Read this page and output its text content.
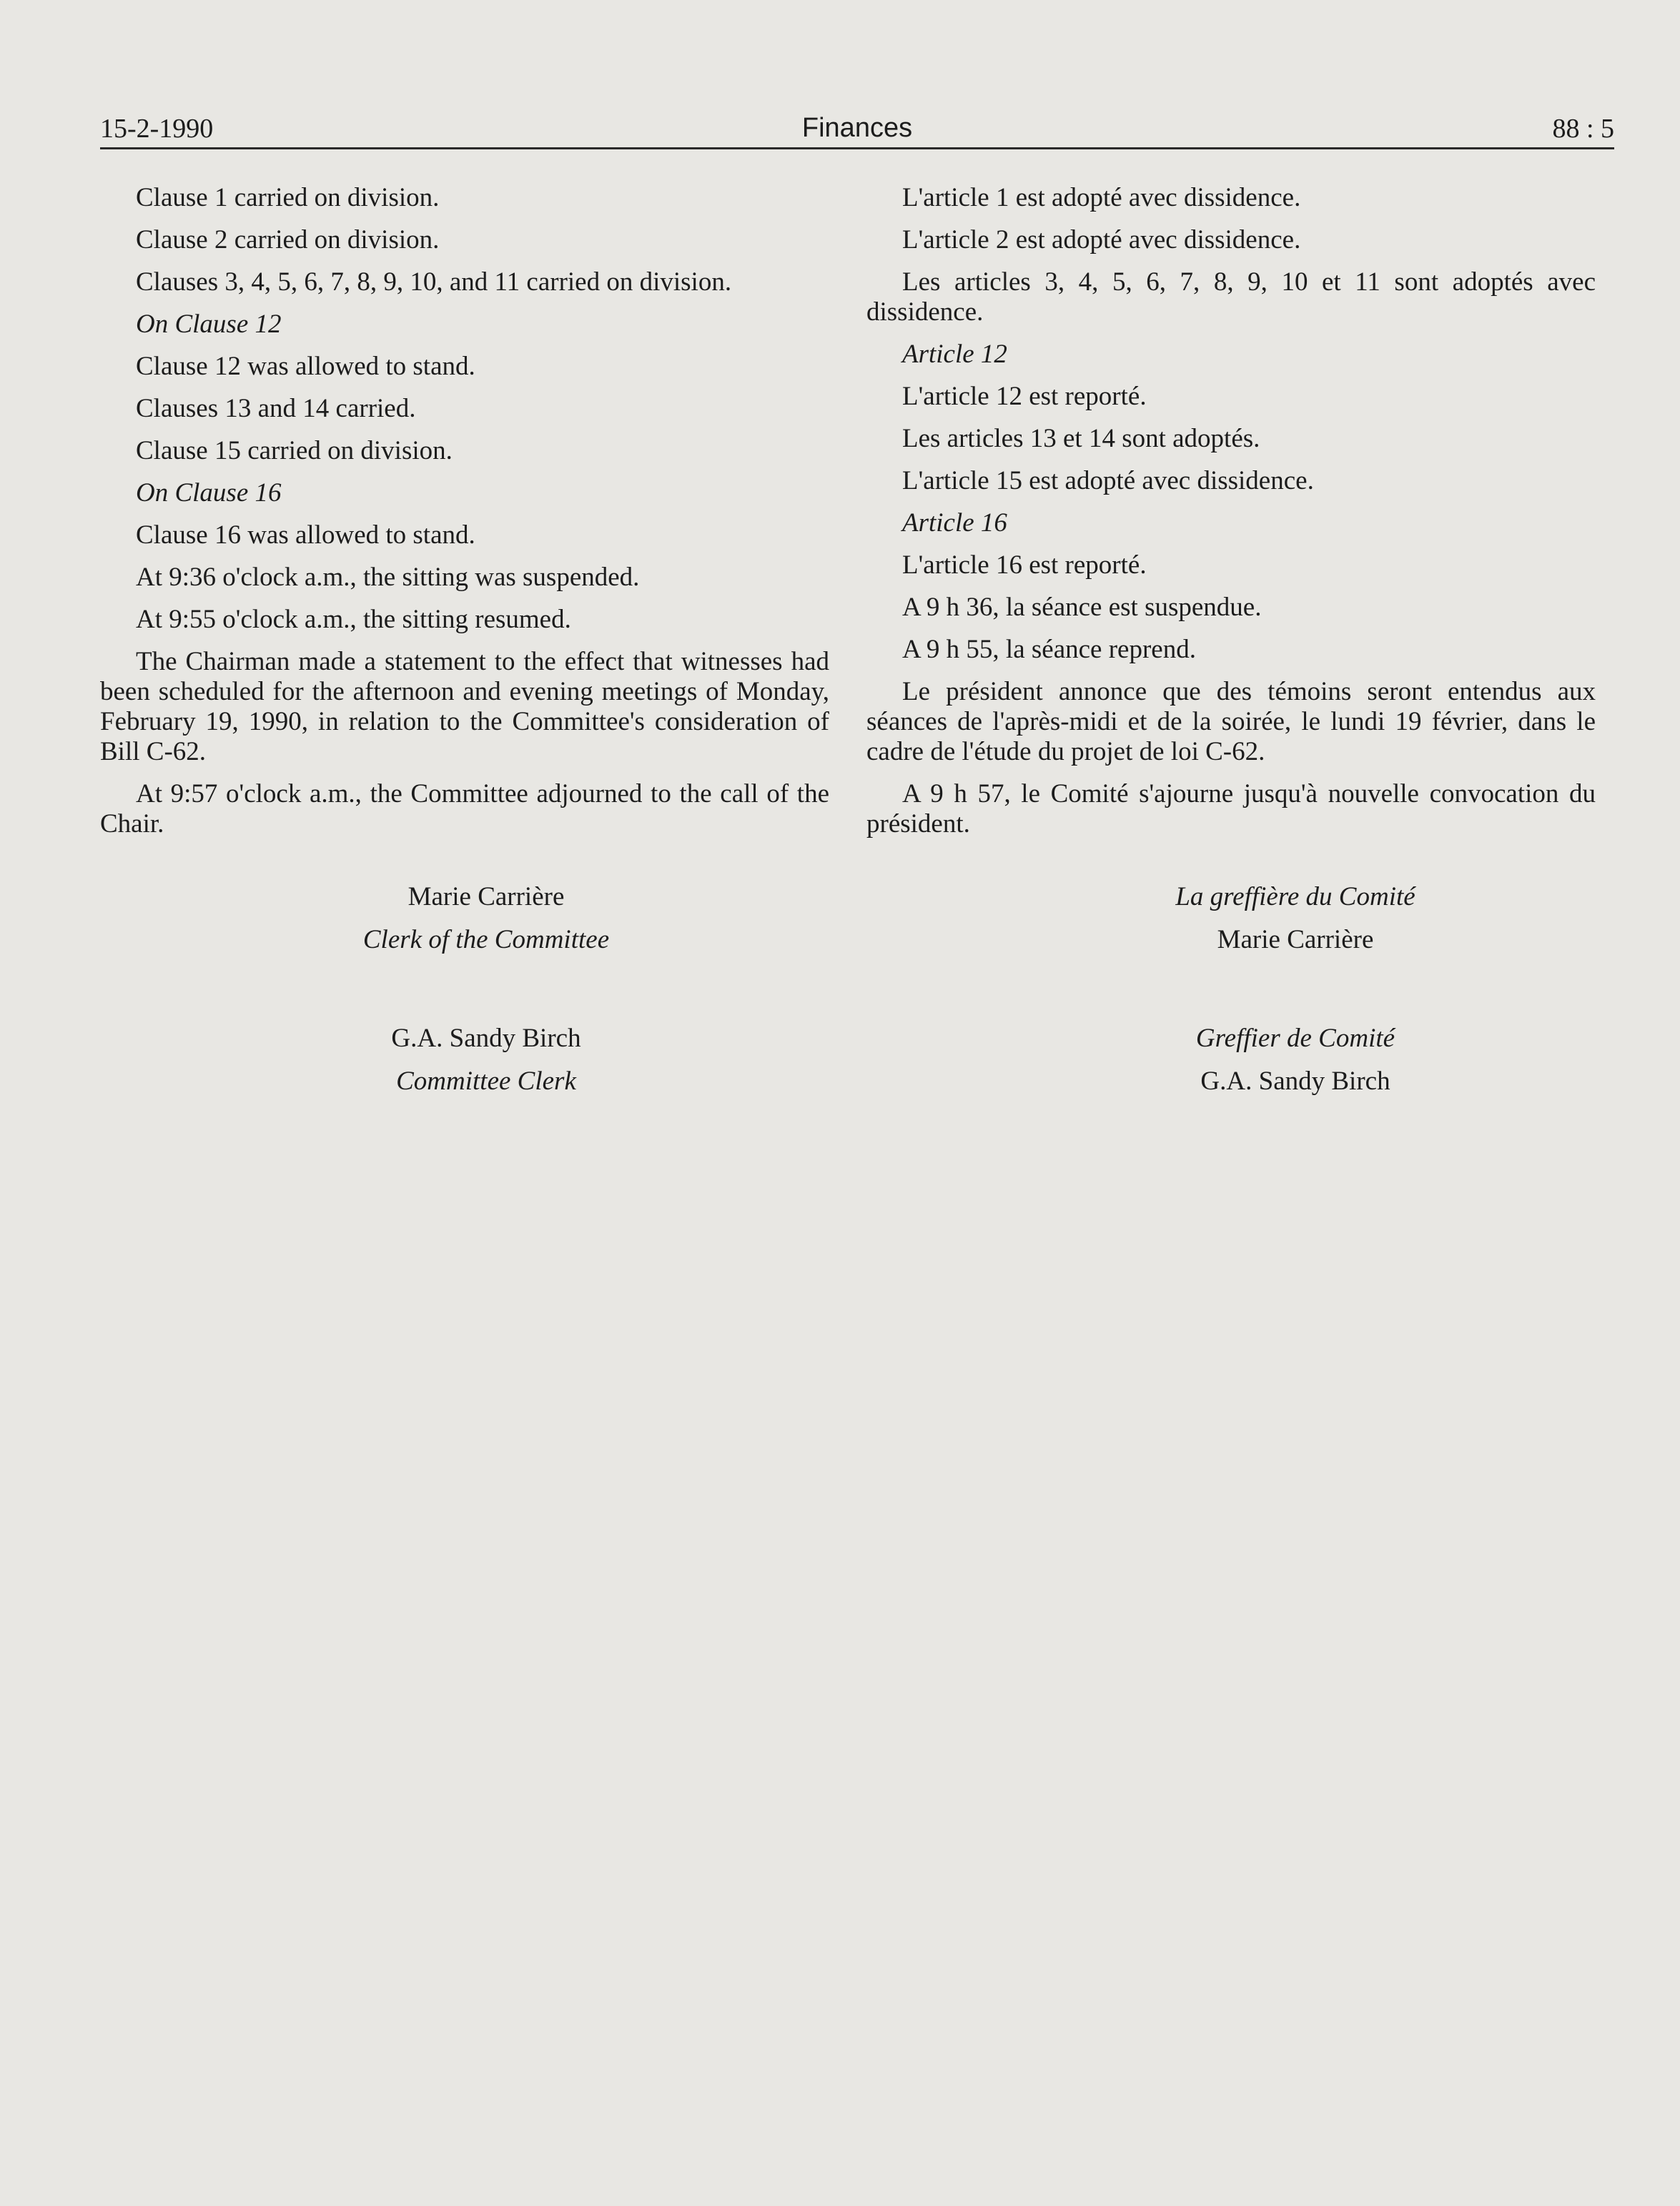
15-2-1990	Finances	88 : 5

Clause 1 carried on division.

Clause 2 carried on division.

Clauses 3, 4, 5, 6, 7, 8, 9, 10, and 11 carried on division.

On Clause 12

Clause 12 was allowed to stand.

Clauses 13 and 14 carried.

Clause 15 carried on division.

On Clause 16

Clause 16 was allowed to stand.

At 9:36 o'clock a.m., the sitting was suspended.

At 9:55 o'clock a.m., the sitting resumed.

The Chairman made a statement to the effect that witnesses had been scheduled for the afternoon and evening meetings of Monday, February 19, 1990, in relation to the Committee's consideration of Bill C-62.

At 9:57 o'clock a.m., the Committee adjourned to the call of the Chair.

Marie Carrière
Clerk of the Committee
G.A. Sandy Birch
Committee Clerk

L'article 1 est adopté avec dissidence.

L'article 2 est adopté avec dissidence.

Les articles 3, 4, 5, 6, 7, 8, 9, 10 et 11 sont adoptés avec dissidence.

Article 12

L'article 12 est reporté.

Les articles 13 et 14 sont adoptés.

L'article 15 est adopté avec dissidence.

Article 16

L'article 16 est reporté.

A 9 h 36, la séance est suspendue.

A 9 h 55, la séance reprend.

Le président annonce que des témoins seront entendus aux séances de l'après-midi et de la soirée, le lundi 19 février, dans le cadre de l'étude du projet de loi C-62.

A 9 h 57, le Comité s'ajourne jusqu'à nouvelle convocation du président.

La greffière du Comité
Marie Carrière
Greffier de Comité
G.A. Sandy Birch
